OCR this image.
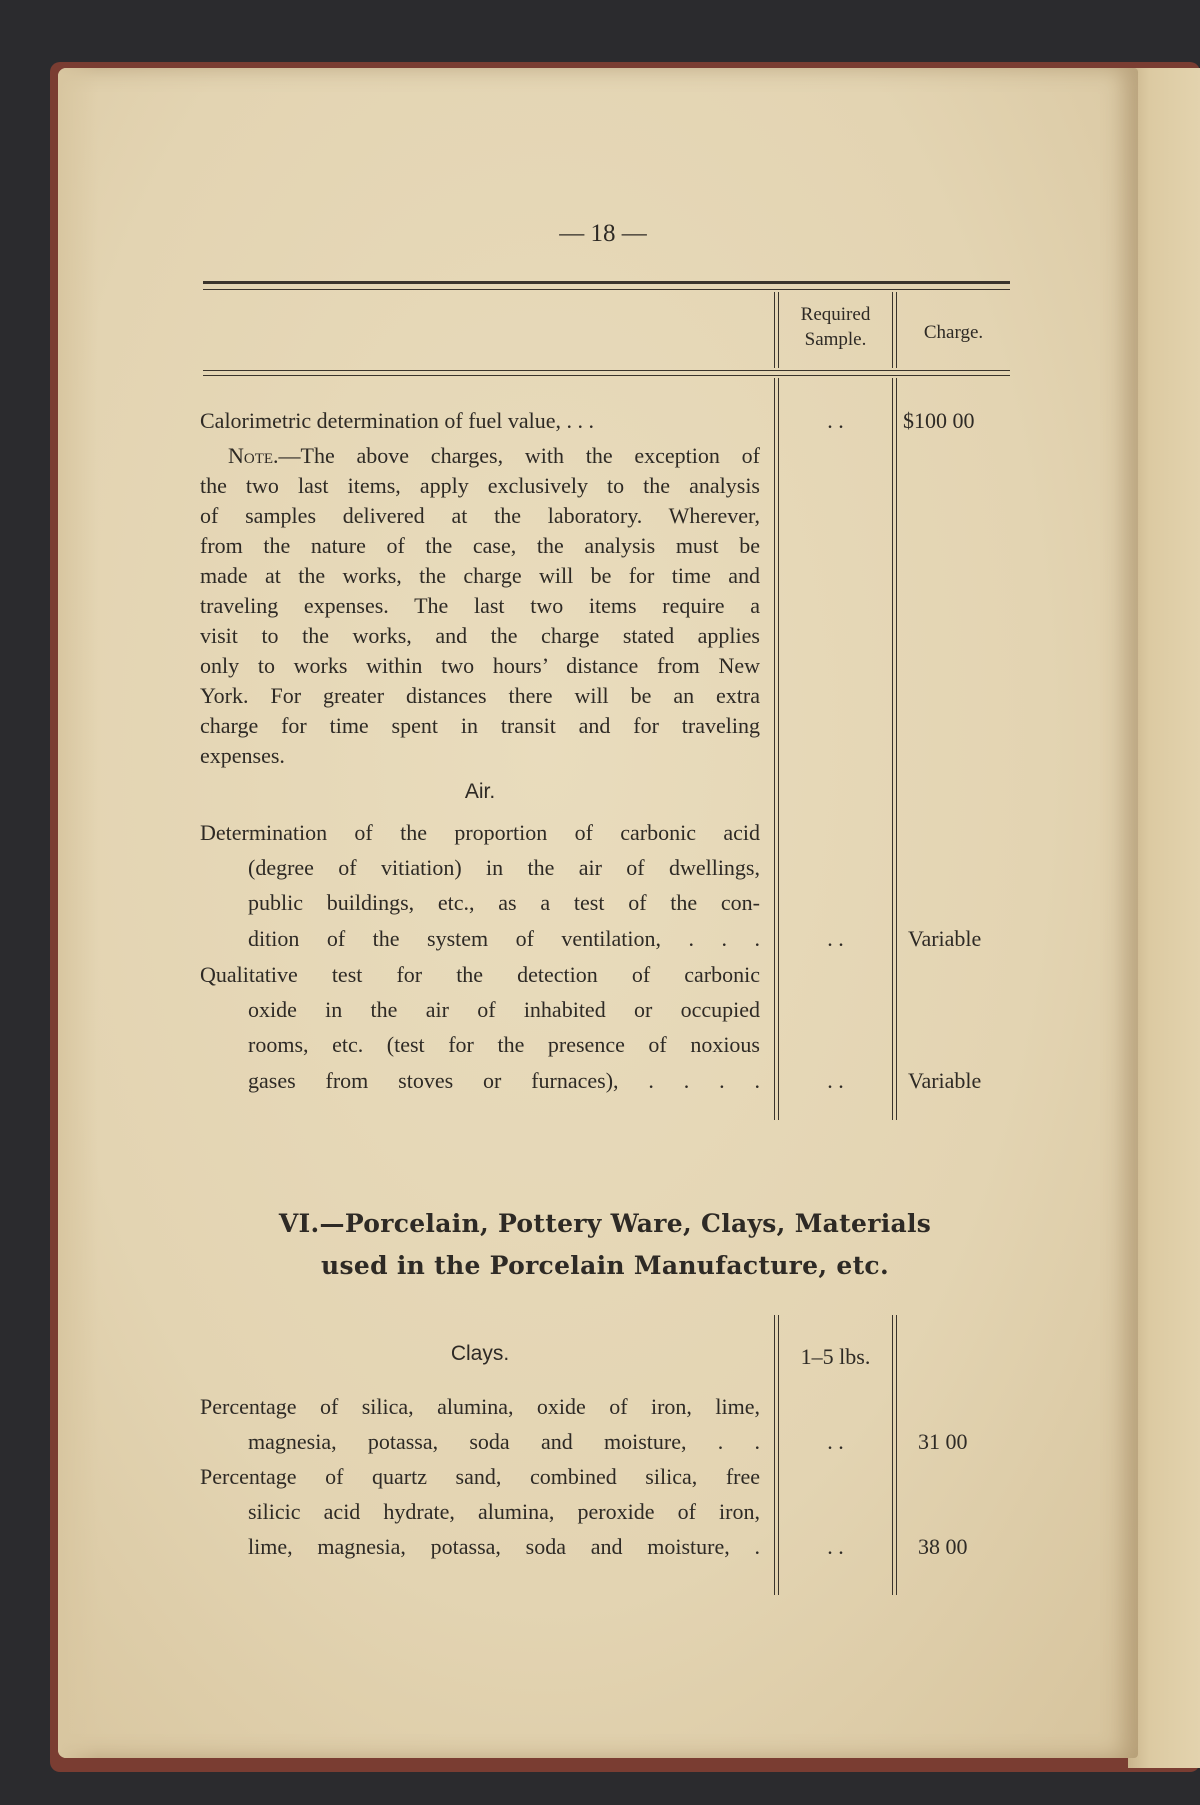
— 18 —
Required Sample.	Charge.
Air.
VI.—Porcelain, Pottery Ware, Clays, Materials
used in the Porcelain Manufacture, etc.
Clays.	1–5 lbs.
Calorimetric determination of fuel value, . . .	. .	$100 00
Note.—The above charges, with the exception of
the two last items, apply exclusively to the analysis
of samples delivered at the laboratory. Wherever,
from the nature of the case, the analysis must be
made at the works, the charge will be for time and
traveling expenses. The last two items require a
visit to the works, and the charge stated applies
only to works within two hours’ distance from New
York. For greater distances there will be an extra
charge for time spent in transit and for traveling
expenses.
Determination of the proportion of carbonic acid
(degree of vitiation) in the air of dwellings,
public buildings, etc., as a test of the con-
dition of the system of ventilation, . . .	. .	Variable
Qualitative test for the detection of carbonic
oxide in the air of inhabited or occupied
rooms, etc. (test for the presence of noxious
gases from stoves or furnaces), . . . .	. .	Variable
Percentage of silica, alumina, oxide of iron, lime,
magnesia, potassa, soda and moisture, . .	. .	31 00
Percentage of quartz sand, combined silica, free
silicic acid hydrate, alumina, peroxide of iron,
lime, magnesia, potassa, soda and moisture, .	. .	38 00
